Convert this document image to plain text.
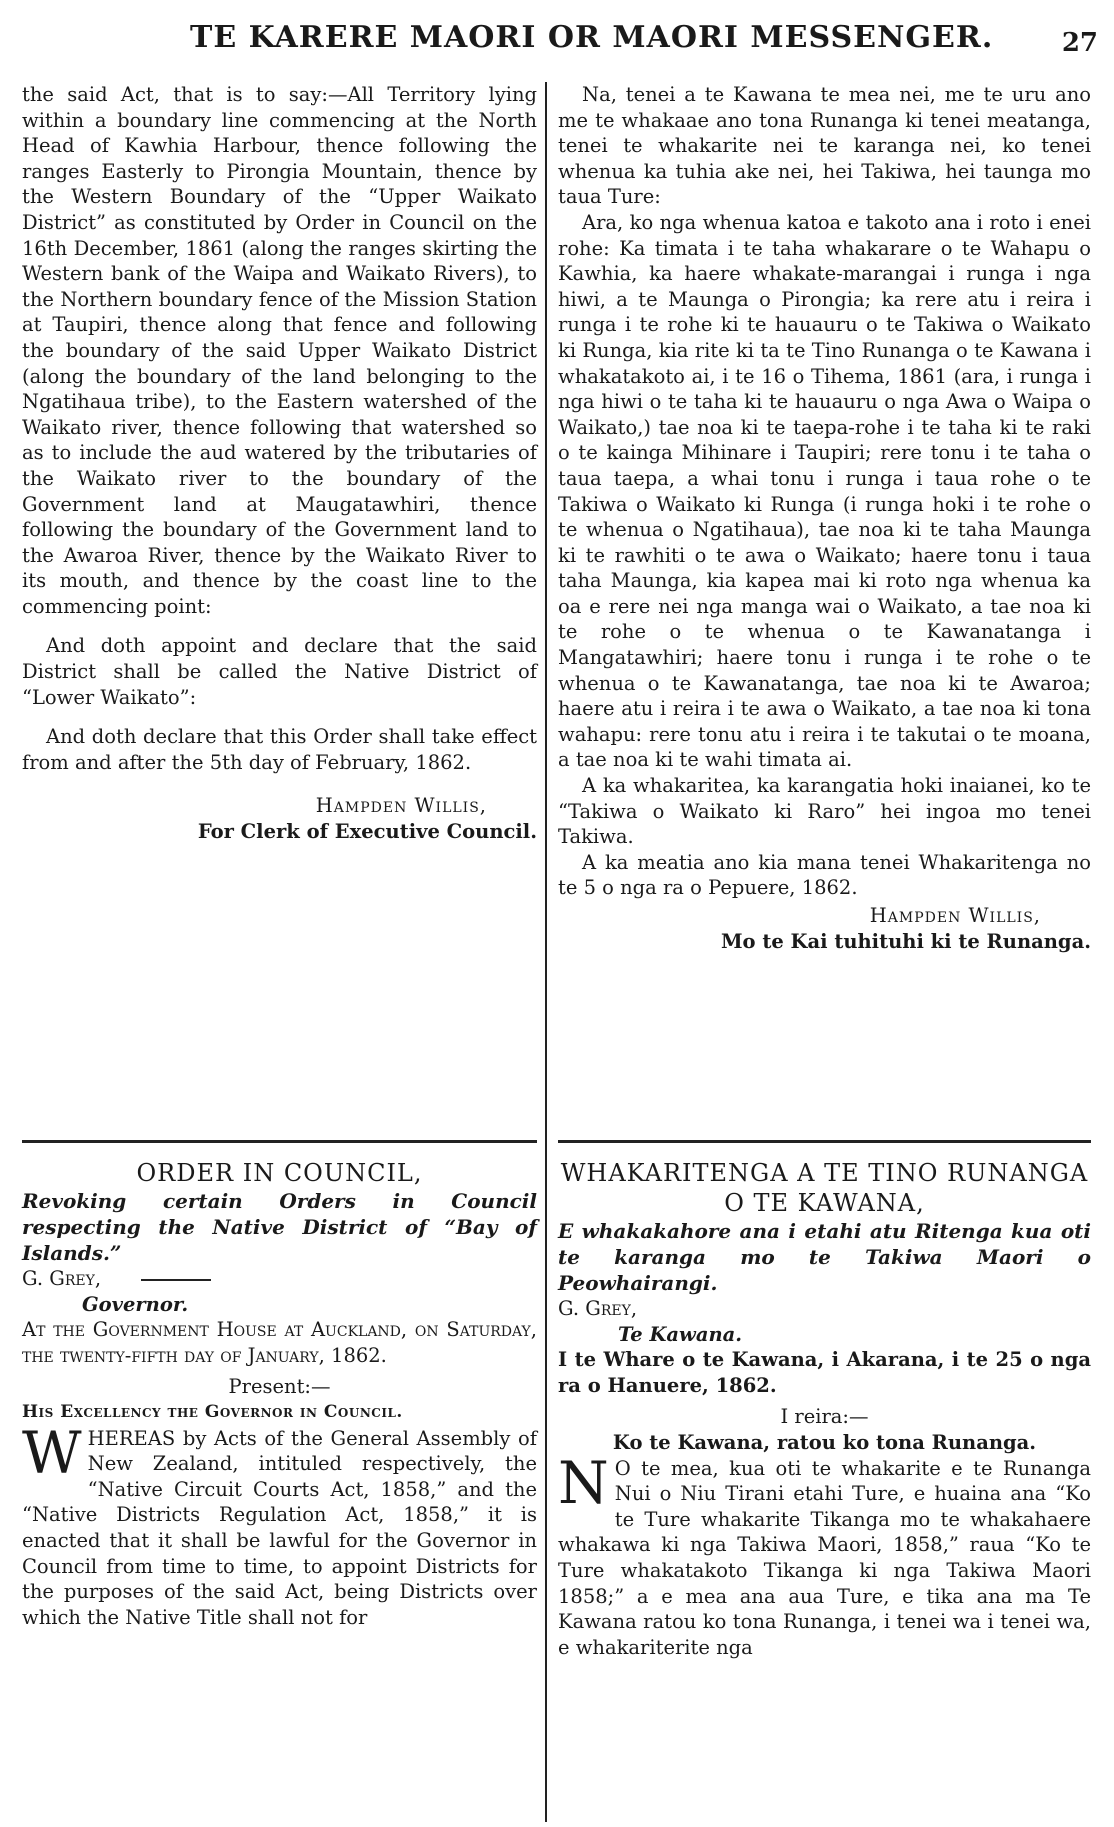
TE KARERE MAORI OR MAORI MESSENGER.	27

the said Act, that is to say:—All Territory lying within a boundary line commencing at the North Head of Kawhia Harbour, thence following the ranges Easterly to Pirongia Mountain, thence by the Western Boundary of the “Upper Waikato District” as constituted by Order in Council on the 16th December, 1861 (along the ranges skirting the Western bank of the Waipa and Waikato Rivers), to the Northern boundary fence of the Mission Station at Taupiri, thence along that fence and following the boundary of the said Upper Waikato District (along the boundary of the land belonging to the Ngatihaua tribe), to the Eastern watershed of the Waikato river, thence following that watershed so as to include the aud watered by the tributaries of the Waikato river to the boundary of the Government land at Maugatawhiri, thence following the boundary of the Government land to the Awaroa River, thence by the Waikato River to its mouth, and thence by the coast line to the commencing point:

And doth appoint and declare that the said District shall be called the Native District of “Lower Waikato”:

And doth declare that this Order shall take effect from and after the 5th day of February, 1862.

Hampden Willis,

For Clerk of Executive Council.

Na, tenei a te Kawana te mea nei, me te uru ano me te whakaae ano tona Runanga ki tenei meatanga, tenei te whakarite nei te karanga nei, ko tenei whenua ka tuhia ake nei, hei Takiwa, hei taunga mo taua Ture:

Ara, ko nga whenua katoa e takoto ana i roto i enei rohe: Ka timata i te taha whakarare o te Wahapu o Kawhia, ka haere whakate-marangai i runga i nga hiwi, a te Maunga o Pirongia; ka rere atu i reira i runga i te rohe ki te hauauru o te Takiwa o Waikato ki Runga, kia rite ki ta te Tino Runanga o te Kawana i whakatakoto ai, i te 16 o Tihema, 1861 (ara, i runga i nga hiwi o te taha ki te hauauru o nga Awa o Waipa o Waikato,) tae noa ki te taepa-rohe i te taha ki te raki o te kainga Mihinare i Taupiri; rere tonu i te taha o taua taepa, a whai tonu i runga i taua rohe o te Takiwa o Waikato ki Runga (i runga hoki i te rohe o te whenua o Ngatihaua), tae noa ki te taha Maunga ki te rawhiti o te awa o Waikato; haere tonu i taua taha Maunga, kia kapea mai ki roto nga whenua ka oa e rere nei nga manga wai o Waikato, a tae noa ki te rohe o te whenua o te Kawanatanga i Mangatawhiri; haere tonu i runga i te rohe o te whenua o te Kawanatanga, tae noa ki te Awaroa; haere atu i reira i te awa o Waikato, a tae noa ki tona wahapu: rere tonu atu i reira i te takutai o te moana, a tae noa ki te wahi timata ai.

A ka whakaritea, ka karangatia hoki inaianei, ko te “Takiwa o Waikato ki Raro” hei ingoa mo tenei Takiwa.

A ka meatia ano kia mana tenei Whakaritenga no te 5 o nga ra o Pepuere, 1862.

Hampden Willis,

Mo te Kai tuhituhi ki te Runanga.

ORDER IN COUNCIL,

Revoking certain Orders in Council respecting the Native District of “Bay of Islands.”

G. Grey,

Governor.

At the Government House at Auckland, on Saturday, the twenty-fifth day of January, 1862.

Present:—

His Excellency the Governor in Council.

WHEREAS by Acts of the General Assembly of New Zealand, intituled respectively, the “Native Circuit Courts Act, 1858,” and the “Native Districts Regulation Act, 1858,” it is enacted that it shall be lawful for the Governor in Council from time to time, to appoint Districts for the purposes of the said Act, being Districts over which the Native Title shall not for

WHAKARITENGA A TE TINO RUNANGA O TE KAWANA,

E whakakahore ana i etahi atu Ritenga kua oti te karanga mo te Takiwa Maori o Peowhairangi.

G. Grey,

Te Kawana.

I te Whare o te Kawana, i Akarana, i te 25 o nga ra o Hanuere, 1862.

I reira:—

Ko te Kawana, ratou ko tona Runanga.

N O te mea, kua oti te whakarite e te Runanga Nui o Niu Tirani etahi Ture, e huaina ana “Ko te Ture whakarite Tikanga mo te whakahaere whakawa ki nga Takiwa Maori, 1858,” raua “Ko te Ture whakatakoto Tikanga ki nga Takiwa Maori 1858;” a e mea ana aua Ture, e tika ana ma Te Kawana ratou ko tona Runanga, i tenei wa i tenei wa, e whakariterite nga
